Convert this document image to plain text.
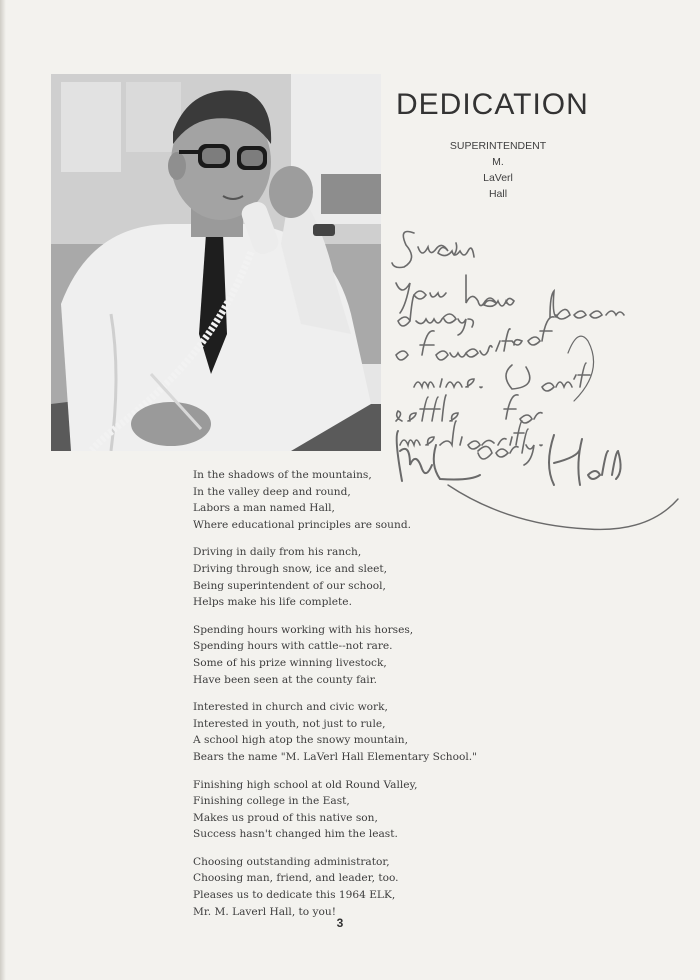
DEDICATION
SUPERINTENDENT
M.
LaVerl
Hall
In the shadows of the mountains,
In the valley deep and round,
Labors a man named Hall,
Where educational principles are sound.
Driving in daily from his ranch,
Driving through snow, ice and sleet,
Being superintendent of our school,
Helps make his life complete.
Spending hours working with his horses,
Spending hours with cattle--not rare.
Some of his prize winning livestock,
Have been seen at the county fair.
Interested in church and civic work,
Interested in youth, not just to rule,
A school high atop the snowy mountain,
Bears the name "M. LaVerl Hall Elementary School."
Finishing high school at old Round Valley,
Finishing college in the East,
Makes us proud of this native son,
Success hasn't changed him the least.
Choosing outstanding administrator,
Choosing man, friend, and leader, too.
Pleases us to dedicate this 1964 ELK,
Mr. M. Laverl Hall, to you!
3
